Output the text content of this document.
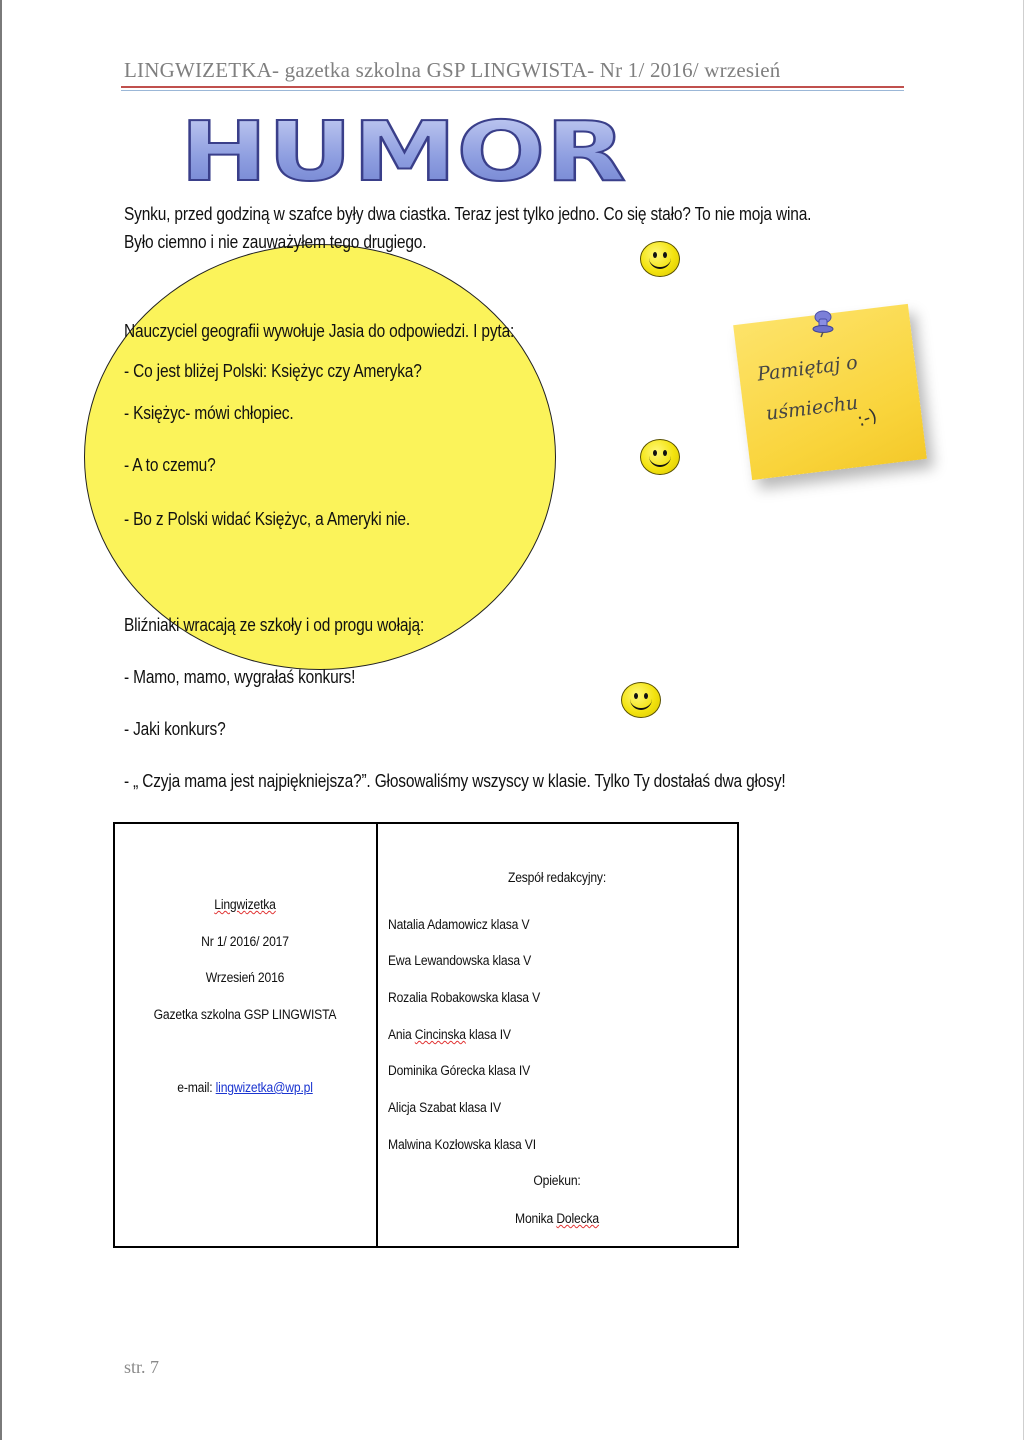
LINGWIZETKA- gazetka szkolna GSP LINGWISTA- Nr 1/ 2016/ wrzesień
HUMOR
Synku, przed godziną w szafce były dwa ciastka. Teraz jest tylko jedno. Co się stało? To nie moja wina.
Było ciemno i nie zauważyłem tego drugiego.
Nauczyciel geografii wywołuje Jasia do odpowiedzi. I pyta:
- Co jest bliżej Polski: Księżyc czy Ameryka?
- Księżyc- mówi chłopiec.
- A to czemu?
- Bo z Polski widać Księżyc, a Ameryki nie.
Bliźniaki wracają ze szkoły i od progu wołają:
- Mamo, mamo, wygrałaś konkurs!
- Jaki konkurs?
- „ Czyja mama jest najpiękniejsza?”. Głosowaliśmy wszyscy w klasie. Tylko Ty dostałaś dwa głosy!
Pamiętaj o
uśmiechu
:-)
Lingwizetka
Nr 1/ 2016/ 2017
Wrzesień 2016
Gazetka szkolna GSP LINGWISTA
e-mail: lingwizetka@wp.pl
Zespół redakcyjny:
Natalia Adamowicz klasa V
Ewa Lewandowska klasa V
Rozalia Robakowska klasa V
Ania Cincinska klasa IV
Dominika Górecka klasa IV
Alicja Szabat klasa IV
Malwina Kozłowska klasa VI
Opiekun:
Monika Dolecka
str. 7
